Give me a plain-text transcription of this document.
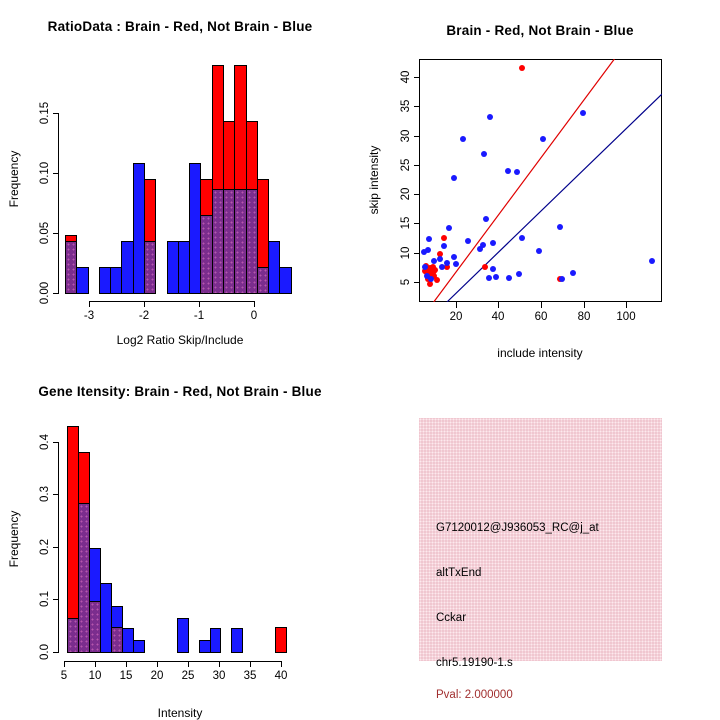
RatioData : Brain - Red, Not Brain - Blue
Frequency
Log2 Ratio Skip/Include
-3	-2	-1	0
0.00
0.05
0.10
0.15
Brain - Red, Not Brain - Blue
skip intensity
include intensity
20	40	60	80	100
5
10
15
20
25
30
35
40
Gene Itensity: Brain - Red, Not Brain - Blue
Frequency
Intensity
5	10	15	20	25	30	35	40
0.0
0.1
0.2
0.3
0.4
G7120012@J936053_RC@j_at
altTxEnd
Cckar
chr5.19190-1.s
Pval: 2.000000
